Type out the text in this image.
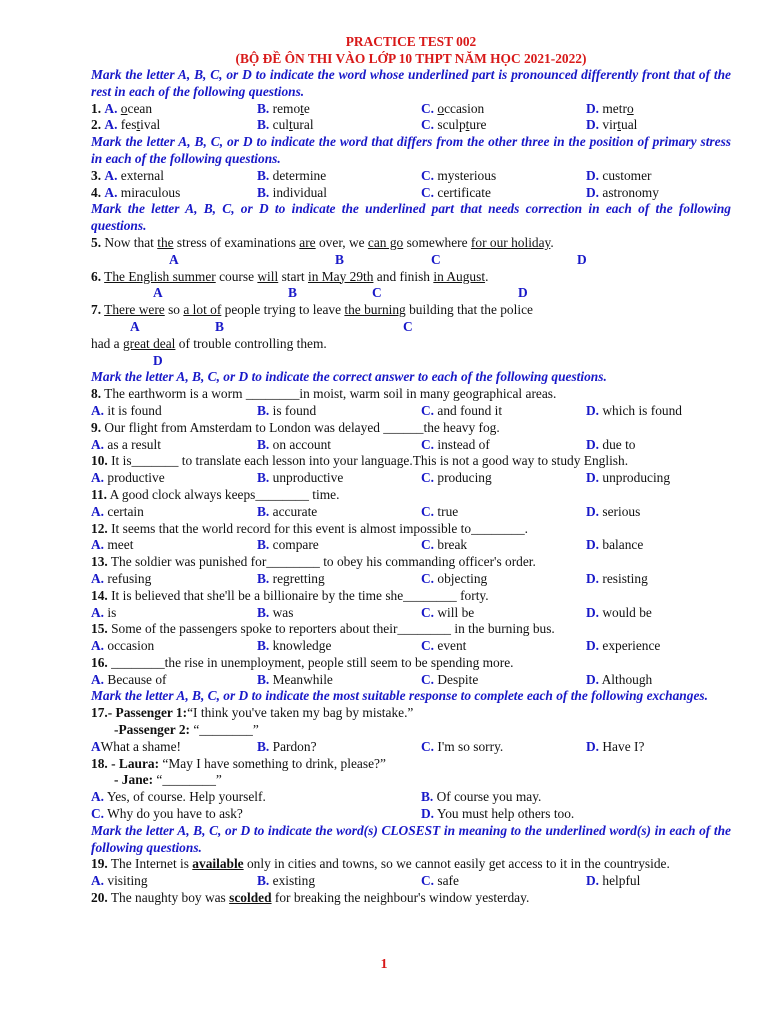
PRACTICE TEST 002
(BỘ ĐỀ ÔN THI VÀO LỚP 10 THPT NĂM HỌC 2021-2022)
Mark the letter A, B, C, or D to indicate the word whose underlined part is pronounced differently front that of the rest in each of the following questions.
1. A. ocean	B. remote	C. occasion	D. metro
2. A. festival	B. cultural	C. sculpture	D. virtual
Mark the letter A, B, C, or D to indicate the word that differs from the other three in the position of primary stress in each of the following questions.
3. A. external	B. determine	C. mysterious	D. customer
4. A. miraculous	B. individual	C. certificate	D. astronomy
Mark the letter A, B, C, or D to indicate the underlined part that needs correction in each of the following questions.
5. Now that the stress of examinations are over, we can go somewhere for our holiday.
A	B	C	D
6. The English summer course will start in May 29th and finish in August.
A	B	C	D
7. There were so a lot of people trying to leave the burning building that the police
A	B	C
had a great deal of trouble controlling them.
D
Mark the letter A, B, C, or D to indicate the correct answer to each of the following questions.
8. The earthworm is a worm ________in moist, warm soil in many geographical areas.
A. it is found	B. is found	C. and found it	D. which is found
9. Our flight from Amsterdam to London was delayed ______the heavy fog.
A. as a result	B. on account	C. instead of	D. due to
10. It is_______ to translate each lesson into your language.This is not a good way to study English.
A. productive	B. unproductive	C. producing	D. unproducing
11. A good clock always keeps________ time.
A. certain	B. accurate	C. true	D. serious
12. It seems that the world record for this event is almost impossible to________.
A. meet	B. compare	C. break	D. balance
13. The soldier was punished for________ to obey his commanding officer's order.
A. refusing	B. regretting	C. objecting	D. resisting
14. It is believed that she'll be a billionaire by the time she________ forty.
A. is	B. was	C. will be	D. would be
15. Some of the passengers spoke to reporters about their________ in the burning bus.
A. occasion	B. knowledge	C. event	D. experience
16. ________the rise in unemployment, people still seem to be spending more.
A. Because of	B. Meanwhile	C. Despite	D. Although
Mark the letter A, B, C, or D to indicate the most suitable response to complete each of the following exchanges.
17.- Passenger 1:“I think you've taken my bag by mistake.”
-Passenger 2: “________”
AWhat a shame!	B. Pardon?	C. I'm so sorry.	D. Have I?
18. - Laura: “May I have something to drink, please?”
- Jane: “________”
A. Yes, of course. Help yourself.	B. Of course you may.
C. Why do you have to ask?	D. You must help others too.
Mark the letter A, B, C, or D to indicate the word(s) CLOSEST in meaning to the underlined word(s) in each of the following questions.
19. The Internet is available only in cities and towns, so we cannot easily get access to it in the countryside.
A. visiting	B. existing	C. safe	D. helpful
20. The naughty boy was scolded for breaking the neighbour's window yesterday.
1
